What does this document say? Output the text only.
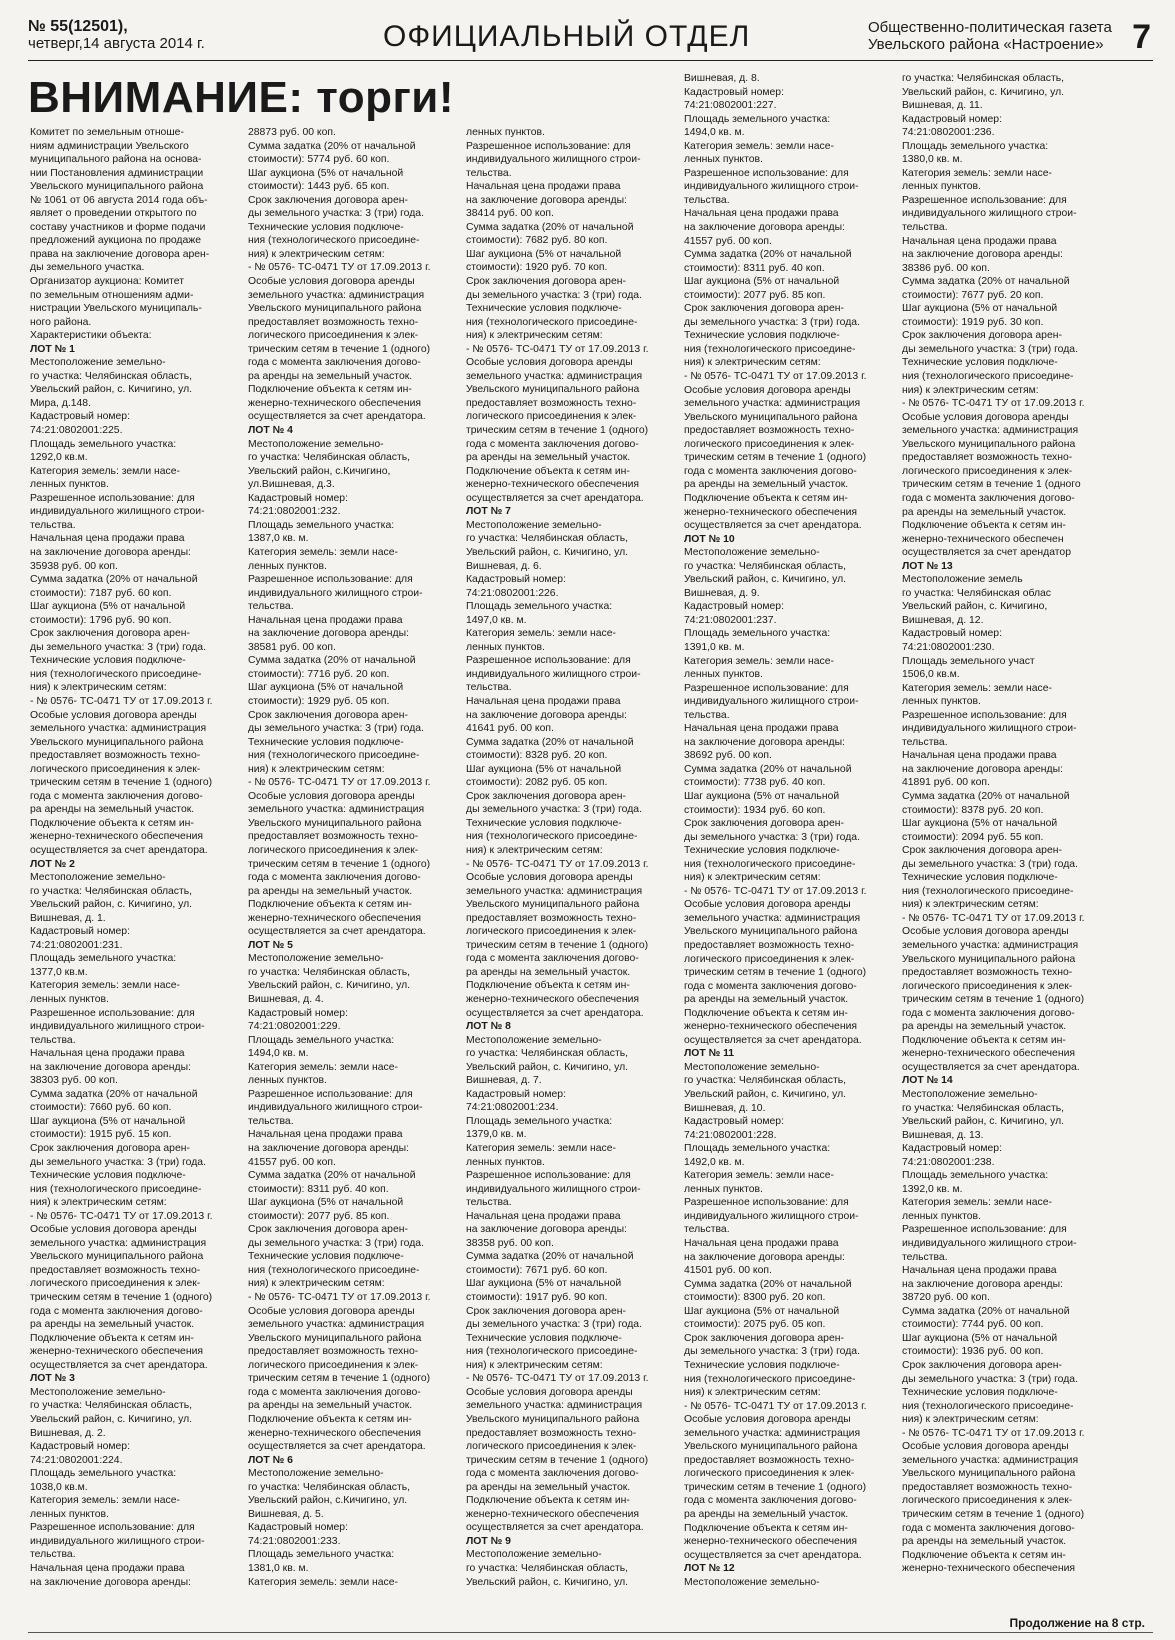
№ 55(12501),
четверг,14 августа 2014 г.	ОФИЦИАЛЬНЫЙ ОТДЕЛ	Общественно-политическая газета
Увельского района «Настроение» 7
ВНИМАНИЕ: торги!
Комитет по земельным отноше-
ниям администрации Увельского
муниципального района на основа-
нии Постановления администрации
Увельского муниципального района
№ 1061 от 06 августа 2014 года объ-
являет о проведении открытого по
составу участников и форме подачи
предложений аукциона по продаже
права на заключение договора арен-
ды земельного участка.
Организатор аукциона: Комитет
по земельным отношениям адми-
нистрации Увельского муниципаль-
ного района.
Характеристики объекта:
ЛОТ № 1
Местоположение земельно-
го участка: Челябинская область,
Увельский район, с. Кичигино, ул.
Мира, д.148.
Кадастровый номер:
74:21:0802001:225.
Площадь земельного участка:
1292,0 кв.м.
Категория земель: земли насе-
ленных пунктов.
Разрешенное использование: для
индивидуального жилищного строи-
тельства.
Начальная цена продажи права
на заключение договора аренды:
35938 руб. 00 коп.
Сумма задатка (20% от начальной
стоимости): 7187 руб. 60 коп.
Шаг аукциона (5% от начальной
стоимости): 1796 руб. 90 коп.
Срок заключения договора арен-
ды земельного участка: 3 (три) года.
Технические условия подключе-
ния (технологического присоедине-
ния) к электрическим сетям:
- № 0576- ТС-0471 ТУ от 17.09.2013 г.
Особые условия договора аренды
земельного участка: администрация
Увельского муниципального района
предоставляет возможность техно-
логического присоединения к элек-
трическим сетям в течение 1 (одного)
года с момента заключения догово-
ра аренды на земельный участок.
Подключение объекта к сетям ин-
женерно-технического обеспечения
осуществляется за счет арендатора.
ЛОТ № 2
Местоположение земельно-
го участка: Челябинская область,
Увельский район, с. Кичигино, ул.
Вишневая, д. 1.
Кадастровый номер:
74:21:0802001:231.
Площадь земельного участка:
1377,0 кв.м.
Категория земель: земли насе-
ленных пунктов.
Разрешенное использование: для
индивидуального жилищного строи-
тельства.
Начальная цена продажи права
на заключение договора аренды:
38303 руб. 00 коп.
Сумма задатка (20% от начальной
стоимости): 7660 руб. 60 коп.
Шаг аукциона (5% от начальной
стоимости): 1915 руб. 15 коп.
Срок заключения договора арен-
ды земельного участка: 3 (три) года.
Технические условия подключе-
ния (технологического присоедине-
ния) к электрическим сетям:
- № 0576- ТС-0471 ТУ от 17.09.2013 г.
Особые условия договора аренды
земельного участка: администрация
Увельского муниципального района
предоставляет возможность техно-
логического присоединения к элек-
трическим сетям в течение 1 (одного)
года с момента заключения догово-
ра аренды на земельный участок.
Подключение объекта к сетям ин-
женерно-технического обеспечения
осуществляется за счет арендатора.
ЛОТ № 3
Местоположение земельно-
го участка: Челябинская область,
Увельский район, с. Кичигино, ул.
Вишневая, д. 2.
Кадастровый номер:
74:21:0802001:224.
Площадь земельного участка:
1038,0 кв.м.
Категория земель: земли насе-
ленных пунктов.
Разрешенное использование: для
индивидуального жилищного строи-
тельства.
Начальная цена продажи права
на заключение договора аренды:
28873 руб. 00 коп.
Сумма задатка (20% от начальной
стоимости): 5774 руб. 60 коп.
Шаг аукциона (5% от начальной
стоимости): 1443 руб. 65 коп.
Срок заключения договора арен-
ды земельного участка: 3 (три) года.
Технические условия подключе-
ния (технологического присоедине-
ния) к электрическим сетям:
- № 0576- ТС-0471 ТУ от 17.09.2013 г.
Особые условия договора аренды
земельного участка: администрация
Увельского муниципального района
предоставляет возможность техно-
логического присоединения к элек-
трическим сетям в течение 1 (одного)
года с момента заключения догово-
ра аренды на земельный участок.
Подключение объекта к сетям ин-
женерно-технического обеспечения
осуществляется за счет арендатора.
ЛОТ № 4
Местоположение земельно-
го участка: Челябинская область,
Увельский район, с.Кичигино,
ул.Вишневая, д.3.
Кадастровый номер:
74:21:0802001:232.
Площадь земельного участка:
1387,0 кв. м.
Категория земель: земли насе-
ленных пунктов.
Разрешенное использование: для
индивидуального жилищного строи-
тельства.
Начальная цена продажи права
на заключение договора аренды:
38581 руб. 00 коп.
Сумма задатка (20% от начальной
стоимости): 7716 руб. 20 коп.
Шаг аукциона (5% от начальной
стоимости): 1929 руб. 05 коп.
Срок заключения договора арен-
ды земельного участка: 3 (три) года.
Технические условия подключе-
ния (технологического присоедине-
ния) к электрическим сетям:
- № 0576- ТС-0471 ТУ от 17.09.2013 г.
Особые условия договора аренды
земельного участка: администрация
Увельского муниципального района
предоставляет возможность техно-
логического присоединения к элек-
трическим сетям в течение 1 (одного)
года с момента заключения догово-
ра аренды на земельный участок.
Подключение объекта к сетям ин-
женерно-технического обеспечения
осуществляется за счет арендатора.
ЛОТ № 5
Местоположение земельно-
го участка: Челябинская область,
Увельский район, с. Кичигино, ул.
Вишневая, д. 4.
Кадастровый номер:
74:21:0802001:229.
Площадь земельного участка:
1494,0 кв. м.
Категория земель: земли насе-
ленных пунктов.
Разрешенное использование: для
индивидуального жилищного строи-
тельства.
Начальная цена продажи права
на заключение договора аренды:
41557 руб. 00 коп.
Сумма задатка (20% от начальной
стоимости): 8311 руб. 40 коп.
Шаг аукциона (5% от начальной
стоимости): 2077 руб. 85 коп.
Срок заключения договора арен-
ды земельного участка: 3 (три) года.
Технические условия подключе-
ния (технологического присоедине-
ния) к электрическим сетям:
- № 0576- ТС-0471 ТУ от 17.09.2013 г.
Особые условия договора аренды
земельного участка: администрация
Увельского муниципального района
предоставляет возможность техно-
логического присоединения к элек-
трическим сетям в течение 1 (одного)
года с момента заключения догово-
ра аренды на земельный участок.
Подключение объекта к сетям ин-
женерно-технического обеспечения
осуществляется за счет арендатора.
ЛОТ № 6
Местоположение земельно-
го участка: Челябинская область,
Увельский район, с.Кичигино, ул.
Вишневая, д. 5.
Кадастровый номер:
74:21:0802001:233.
Площадь земельного участка:
1381,0 кв. м.
Категория земель: земли насе-
ленных пунктов.
Разрешенное использование: для
индивидуального жилищного строи-
тельства.
Начальная цена продажи права
на заключение договора аренды:
38414 руб. 00 коп.
Сумма задатка (20% от начальной
стоимости): 7682 руб. 80 коп.
Шаг аукциона (5% от начальной
стоимости): 1920 руб. 70 коп.
Срок заключения договора арен-
ды земельного участка: 3 (три) года.
Технические условия подключе-
ния (технологического присоедине-
ния) к электрическим сетям:
- № 0576- ТС-0471 ТУ от 17.09.2013 г.
Особые условия договора аренды
земельного участка: администрация
Увельского муниципального района
предоставляет возможность техно-
логического присоединения к элек-
трическим сетям в течение 1 (одного)
года с момента заключения догово-
ра аренды на земельный участок.
Подключение объекта к сетям ин-
женерно-технического обеспечения
осуществляется за счет арендатора.
ЛОТ № 7
Местоположение земельно-
го участка: Челябинская область,
Увельский район, с. Кичигино, ул.
Вишневая, д. 6.
Кадастровый номер:
74:21:0802001:226.
Площадь земельного участка:
1497,0 кв. м.
Категория земель: земли насе-
ленных пунктов.
Разрешенное использование: для
индивидуального жилищного строи-
тельства.
Начальная цена продажи права
на заключение договора аренды:
41641 руб. 00 коп.
Сумма задатка (20% от начальной
стоимости): 8328 руб. 20 коп.
Шаг аукциона (5% от начальной
стоимости): 2082 руб. 05 коп.
Срок заключения договора арен-
ды земельного участка: 3 (три) года.
Технические условия подключе-
ния (технологического присоедине-
ния) к электрическим сетям:
- № 0576- ТС-0471 ТУ от 17.09.2013 г.
Особые условия договора аренды
земельного участка: администрация
Увельского муниципального района
предоставляет возможность техно-
логического присоединения к элек-
трическим сетям в течение 1 (одного)
года с момента заключения догово-
ра аренды на земельный участок.
Подключение объекта к сетям ин-
женерно-технического обеспечения
осуществляется за счет арендатора.
ЛОТ № 8
Местоположение земельно-
го участка: Челябинская область,
Увельский район, с. Кичигино, ул.
Вишневая, д. 7.
Кадастровый номер:
74:21:0802001:234.
Площадь земельного участка:
1379,0 кв. м.
Категория земель: земли насе-
ленных пунктов.
Разрешенное использование: для
индивидуального жилищного строи-
тельства.
Начальная цена продажи права
на заключение договора аренды:
38358 руб. 00 коп.
Сумма задатка (20% от начальной
стоимости): 7671 руб. 60 коп.
Шаг аукциона (5% от начальной
стоимости): 1917 руб. 90 коп.
Срок заключения договора арен-
ды земельного участка: 3 (три) года.
Технические условия подключе-
ния (технологического присоедине-
ния) к электрическим сетям:
- № 0576- ТС-0471 ТУ от 17.09.2013 г.
Особые условия договора аренды
земельного участка: администрация
Увельского муниципального района
предоставляет возможность техно-
логического присоединения к элек-
трическим сетям в течение 1 (одного)
года с момента заключения догово-
ра аренды на земельный участок.
Подключение объекта к сетям ин-
женерно-технического обеспечения
осуществляется за счет арендатора.
ЛОТ № 9
Местоположение земельно-
го участка: Челябинская область,
Увельский район, с. Кичигино, ул.
Вишневая, д. 8.
Кадастровый номер:
74:21:0802001:227.
Площадь земельного участка:
1494,0 кв. м.
Категория земель: земли насе-
ленных пунктов.
Разрешенное использование: для
индивидуального жилищного строи-
тельства.
Начальная цена продажи права
на заключение договора аренды:
41557 руб. 00 коп.
Сумма задатка (20% от начальной
стоимости): 8311 руб. 40 коп.
Шаг аукциона (5% от начальной
стоимости): 2077 руб. 85 коп.
Срок заключения договора арен-
ды земельного участка: 3 (три) года.
Технические условия подключе-
ния (технологического присоедине-
ния) к электрическим сетям:
- № 0576- ТС-0471 ТУ от 17.09.2013 г.
Особые условия договора аренды
земельного участка: администрация
Увельского муниципального района
предоставляет возможность техно-
логического присоединения к элек-
трическим сетям в течение 1 (одного)
года с момента заключения догово-
ра аренды на земельный участок.
Подключение объекта к сетям ин-
женерно-технического обеспечения
осуществляется за счет арендатора.
ЛОТ № 10
Местоположение земельно-
го участка: Челябинская область,
Увельский район, с. Кичигино, ул.
Вишневая, д. 9.
Кадастровый номер:
74:21:0802001:237.
Площадь земельного участка:
1391,0 кв. м.
Категория земель: земли насе-
ленных пунктов.
Разрешенное использование: для
индивидуального жилищного строи-
тельства.
Начальная цена продажи права
на заключение договора аренды:
38692 руб. 00 коп.
Сумма задатка (20% от начальной
стоимости): 7738 руб. 40 коп.
Шаг аукциона (5% от начальной
стоимости): 1934 руб. 60 коп.
Срок заключения договора арен-
ды земельного участка: 3 (три) года.
Технические условия подключе-
ния (технологического присоедине-
ния) к электрическим сетям:
- № 0576- ТС-0471 ТУ от 17.09.2013 г.
Особые условия договора аренды
земельного участка: администрация
Увельского муниципального района
предоставляет возможность техно-
логического присоединения к элек-
трическим сетям в течение 1 (одного)
года с момента заключения догово-
ра аренды на земельный участок.
Подключение объекта к сетям ин-
женерно-технического обеспечения
осуществляется за счет арендатора.
ЛОТ № 11
Местоположение земельно-
го участка: Челябинская область,
Увельский район, с. Кичигино, ул.
Вишневая, д. 10.
Кадастровый номер:
74:21:0802001:228.
Площадь земельного участка:
1492,0 кв. м.
Категория земель: земли насе-
ленных пунктов.
Разрешенное использование: для
индивидуального жилищного строи-
тельства.
Начальная цена продажи права
на заключение договора аренды:
41501 руб. 00 коп.
Сумма задатка (20% от начальной
стоимости): 8300 руб. 20 коп.
Шаг аукциона (5% от начальной
стоимости): 2075 руб. 05 коп.
Срок заключения договора арен-
ды земельного участка: 3 (три) года.
Технические условия подключе-
ния (технологического присоедине-
ния) к электрическим сетям:
- № 0576- ТС-0471 ТУ от 17.09.2013 г.
Особые условия договора аренды
земельного участка: администрация
Увельского муниципального района
предоставляет возможность техно-
логического присоединения к элек-
трическим сетям в течение 1 (одного)
года с момента заключения догово-
ра аренды на земельный участок.
Подключение объекта к сетям ин-
женерно-технического обеспечения
осуществляется за счет арендатора.
ЛОТ № 12
Местоположение земельно-
го участка: Челябинская область,
Увельский район, с. Кичигино, ул.
Вишневая, д. 11.
Кадастровый номер:
74:21:0802001:236.
Площадь земельного участка:
1380,0 кв. м.
Категория земель: земли насе-
ленных пунктов.
Разрешенное использование: для
индивидуального жилищного строи-
тельства.
Начальная цена продажи права
на заключение договора аренды:
38386 руб. 00 коп.
Сумма задатка (20% от начальной
стоимости): 7677 руб. 20 коп.
Шаг аукциона (5% от начальной
стоимости): 1919 руб. 30 коп.
Срок заключения договора арен-
ды земельного участка: 3 (три) года.
Технические условия подключе-
ния (технологического присоедине-
ния) к электрическим сетям:
- № 0576- ТС-0471 ТУ от 17.09.2013 г.
Особые условия договора аренды
земельного участка: администрация
Увельского муниципального района
предоставляет возможность техно-
логического присоединения к элек-
трическим сетям в течение 1 (одного
года с момента заключения догово-
ра аренды на земельный участок.
Подключение объекта к сетям ин-
женерно-технического обеспечен
осуществляется за счет арендатор
ЛОТ № 13
Местоположение земель
го участка: Челябинская облас
Увельский район, с. Кичигино,
Вишневая, д. 12.
Кадастровый номер:
74:21:0802001:230.
Площадь земельного участ
1506,0 кв.м.
Категория земель: земли насе-
ленных пунктов.
Разрешенное использование: для
индивидуального жилищного строи-
тельства.
Начальная цена продажи права
на заключение договора аренды:
41891 руб. 00 коп.
Сумма задатка (20% от начальной
стоимости): 8378 руб. 20 коп.
Шаг аукциона (5% от начальной
стоимости): 2094 руб. 55 коп.
Срок заключения договора арен-
ды земельного участка: 3 (три) года.
Технические условия подключе-
ния (технологического присоедине-
ния) к электрическим сетям:
- № 0576- ТС-0471 ТУ от 17.09.2013 г.
Особые условия договора аренды
земельного участка: администрация
Увельского муниципального района
предоставляет возможность техно-
логического присоединения к элек-
трическим сетям в течение 1 (одного)
года с момента заключения догово-
ра аренды на земельный участок.
Подключение объекта к сетям ин-
женерно-технического обеспечения
осуществляется за счет арендатора.
ЛОТ № 14
Местоположение земельно-
го участка: Челябинская область,
Увельский район, с. Кичигино, ул.
Вишневая, д. 13.
Кадастровый номер:
74:21:0802001:238.
Площадь земельного участка:
1392,0 кв. м.
Категория земель: земли насе-
ленных пунктов.
Разрешенное использование: для
индивидуального жилищного строи-
тельства.
Начальная цена продажи права
на заключение договора аренды:
38720 руб. 00 коп.
Сумма задатка (20% от начальной
стоимости): 7744 руб. 00 коп.
Шаг аукциона (5% от начальной
стоимости): 1936 руб. 00 коп.
Срок заключения договора арен-
ды земельного участка: 3 (три) года.
Технические условия подключе-
ния (технологического присоедине-
ния) к электрическим сетям:
- № 0576- ТС-0471 ТУ от 17.09.2013 г.
Особые условия договора аренды
земельного участка: администрация
Увельского муниципального района
предоставляет возможность техно-
логического присоединения к элек-
трическим сетям в течение 1 (одного)
года с момента заключения догово-
ра аренды на земельный участок.
Подключение объекта к сетям ин-
женерно-технического обеспечения
Продолжение на 8 стр.
